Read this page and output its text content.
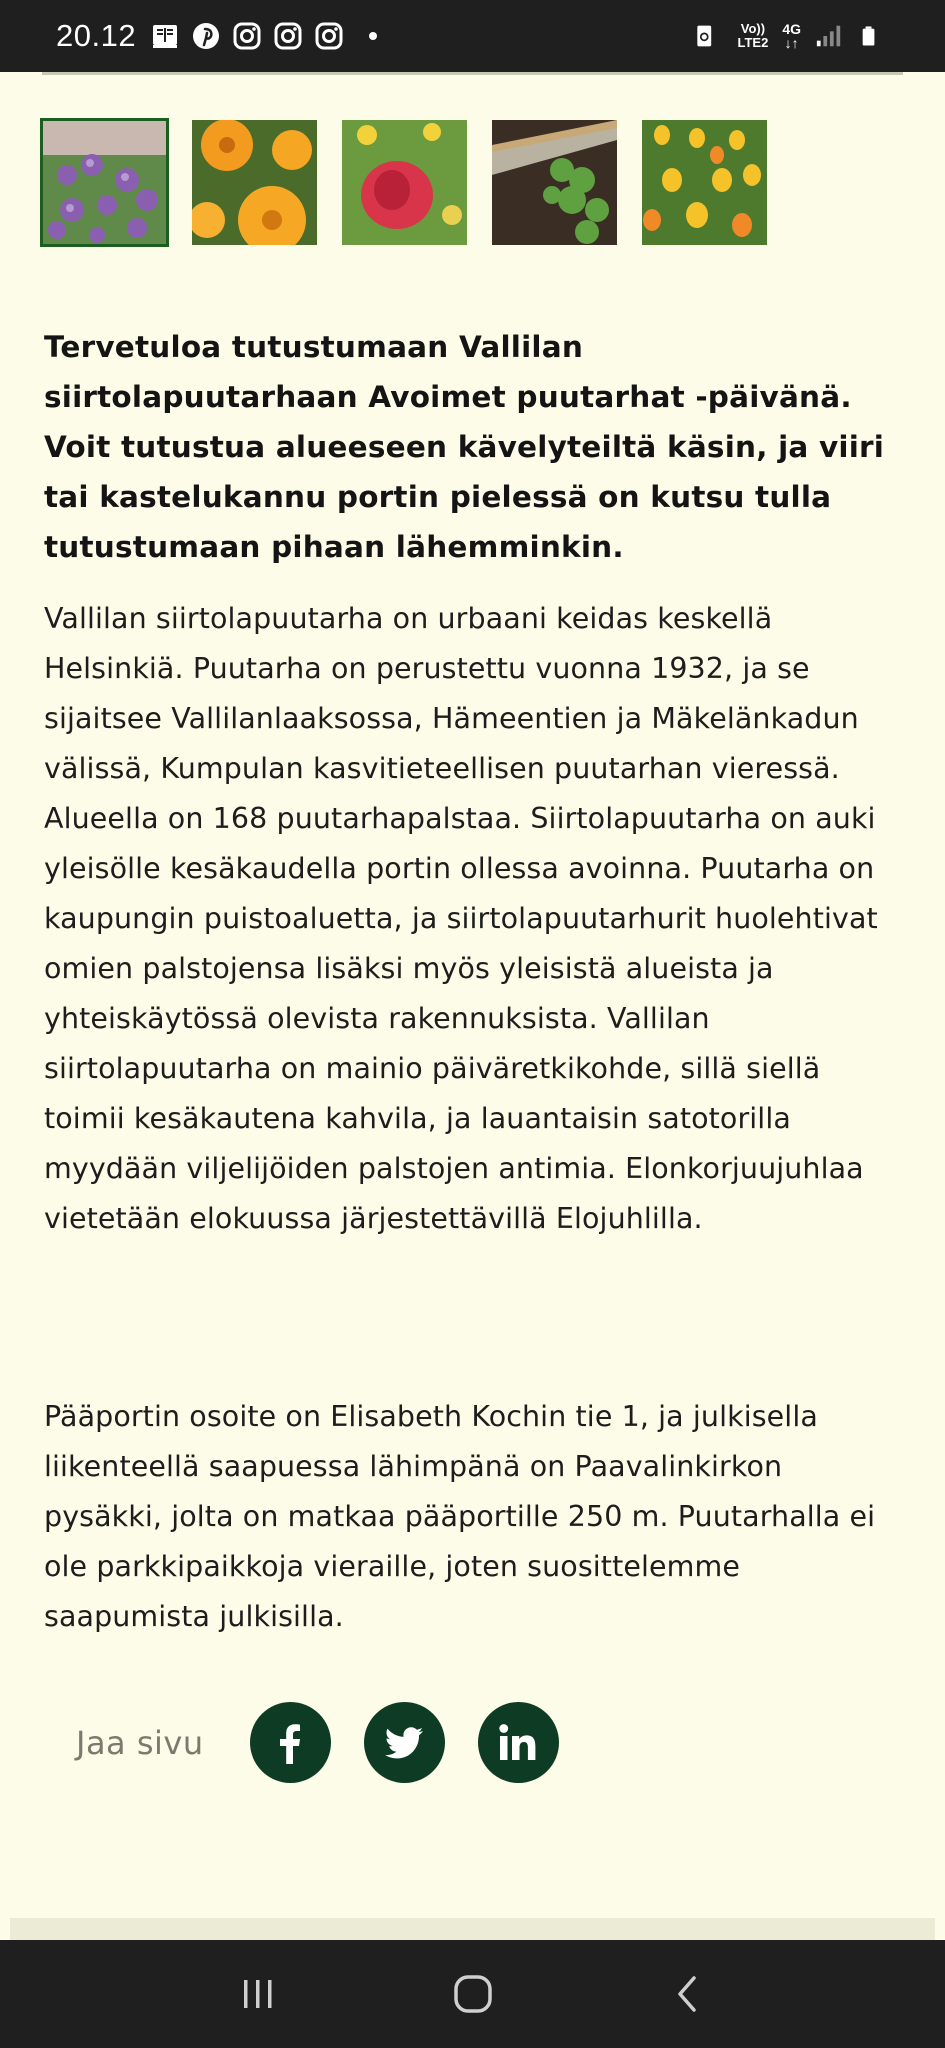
20.12	Vo))
LTE2
4G
↓↑

Tervetuloa tutustumaan Vallilan siirtolapuutarhaan Avoimet puutarhat -päivänä. Voit tutustua alueeseen kävelyteiltä käsin, ja viiri tai kastelukannu portin pielessä on kutsu tulla tutustumaan pihaan lähemminkin.

Vallilan siirtolapuutarha on urbaani keidas keskellä Helsinkiä. Puutarha on perustettu vuonna 1932, ja se sijaitsee Vallilanlaaksossa, Hämeentien ja Mäkelänkadun välissä, Kumpulan kasvitieteellisen puutarhan vieressä. Alueella on 168 puutarhapalstaa. Siirtolapuutarha on auki yleisölle kesäkaudella portin ollessa avoinna. Puutarha on kaupungin puistoaluetta, ja siirtolapuutarhurit huolehtivat omien palstojensa lisäksi myös yleisistä alueista ja yhteiskäytössä olevista rakennuksista. Vallilan siirtolapuutarha on mainio päiväretkikohde, sillä siellä toimii kesäkautena kahvila, ja lauantaisin satotorilla myydään viljelijöiden palstojen antimia. Elonkorjuujuhlaa vietetään elokuussa järjestettävillä Elojuhlilla.

Pääportin osoite on Elisabeth Kochin tie 1, ja julkisella liikenteellä saapuessa lähimpänä on Paavalinkirkon pysäkki, jolta on matkaa pääportille 250 m. Puutarhalla ei ole parkkipaikkoja vieraille, joten suosittelemme saapumista julkisilla.

Jaa sivu
